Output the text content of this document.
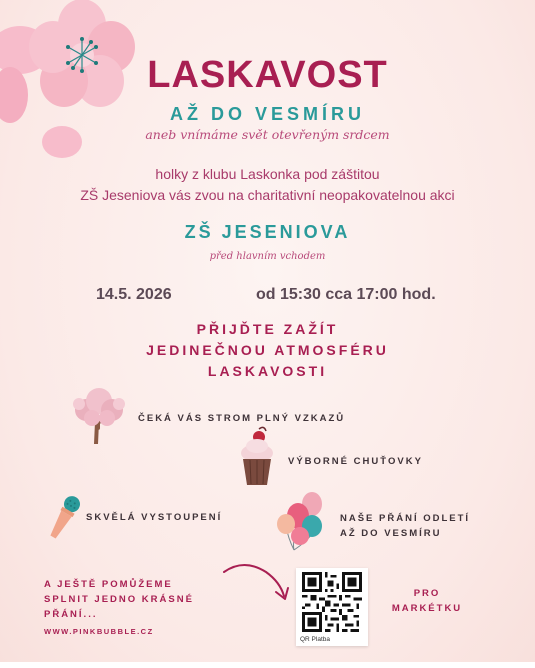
LASKAVOST
AŽ DO VESMÍRU
aneb vnímáme svět otevřeným srdcem
holky z klubu Laskonka pod záštitou
ZŠ Jeseniova vás zvou na charitativní neopakovatelnou akci
ZŠ JESENIOVA
před hlavním vchodem
14.5. 2026	od 15:30 cca 17:00 hod.
PŘIJĎTE ZAŽÍT
JEDINEČNOU ATMOSFÉRU
LASKAVOSTI
ČEKÁ VÁS STROM PLNÝ VZKAZŮ
VÝBORNÉ CHUŤOVKY
SKVĚLÁ VYSTOUPENÍ	NAŠE PŘÁNÍ ODLETÍ
AŽ DO VESMÍRU
A JEŠTĚ POMŮŽEME
SPLNIT JEDNO KRÁSNÉ
PŘÁNÍ...
WWW.PINKBUBBLE.CZ
QR Platba
PRO
MARKÉTKU
